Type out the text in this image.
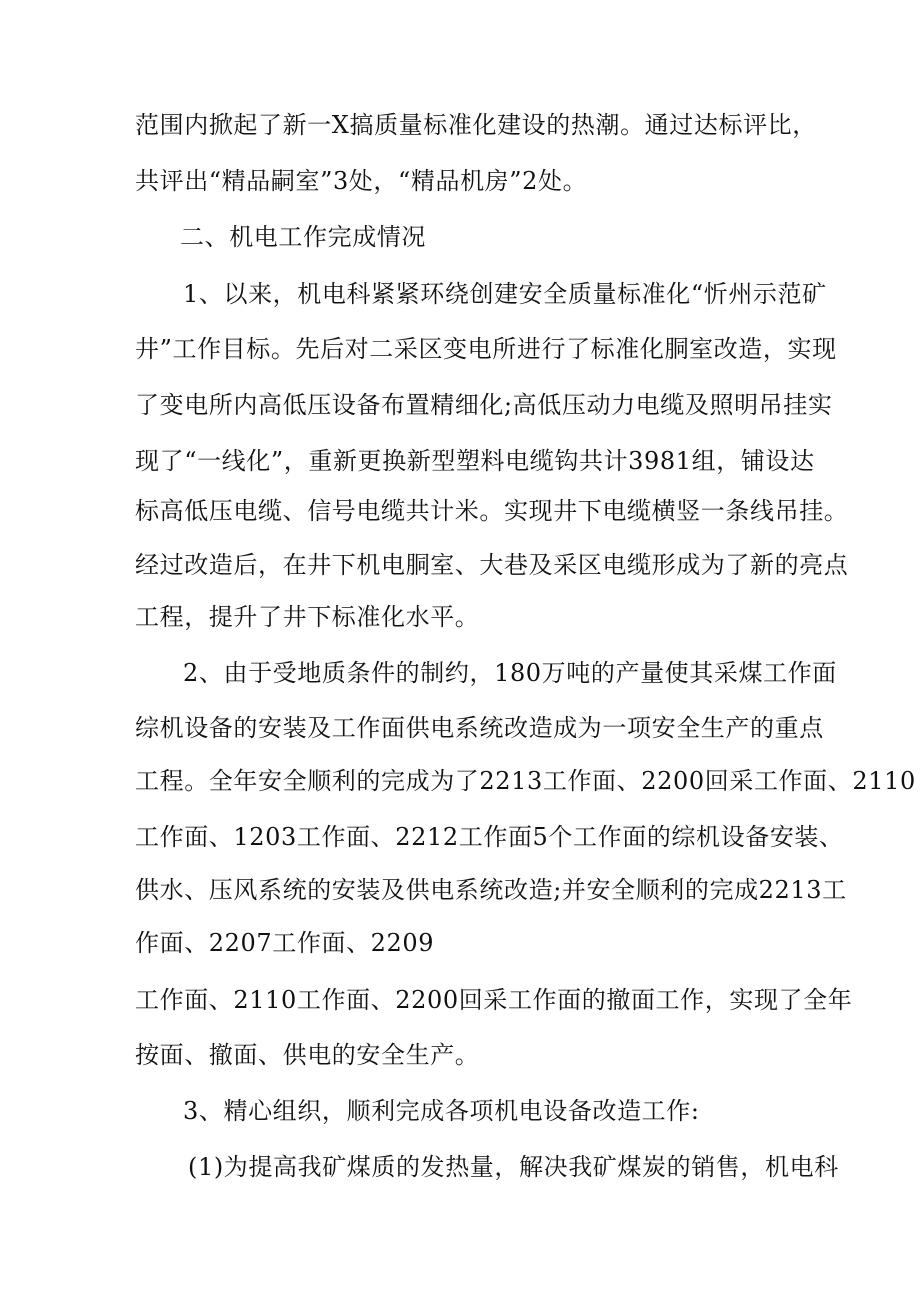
范围内掀起了新一X搞质量标准化建设的热潮。通过达标评比，
共评出“精品嗣室”3处，“精品机房”2处。
二、机电工作完成情况
1、以来，机电科紧紧环绕创建安全质量标准化“忻州示范矿
井”工作目标。先后对二采区变电所进行了标准化胴室改造，实现
了变电所内高低压设备布置精细化;高低压动力电缆及照明吊挂实
现了“一线化”，重新更换新型塑料电缆钩共计3981组，铺设达
标高低压电缆、信号电缆共计米。实现井下电缆横竖一条线吊挂。
经过改造后，在井下机电胴室、大巷及采区电缆形成为了新的亮点
工程，提升了井下标准化水平。
2、由于受地质条件的制约，180万吨的产量使其采煤工作面
综机设备的安装及工作面供电系统改造成为一项安全生产的重点
工程。全年安全顺利的完成为了2213工作面、2200回采工作面、2110
工作面、1203工作面、2212工作面5个工作面的综机设备安装、
供水、压风系统的安装及供电系统改造;并安全顺利的完成2213工
作面、2207工作面、2209
工作面、2110工作面、2200回采工作面的撤面工作，实现了全年
按面、撤面、供电的安全生产。
3、精心组织，顺利完成各项机电设备改造工作:
(1)为提高我矿煤质的发热量，解决我矿煤炭的销售，机电科
